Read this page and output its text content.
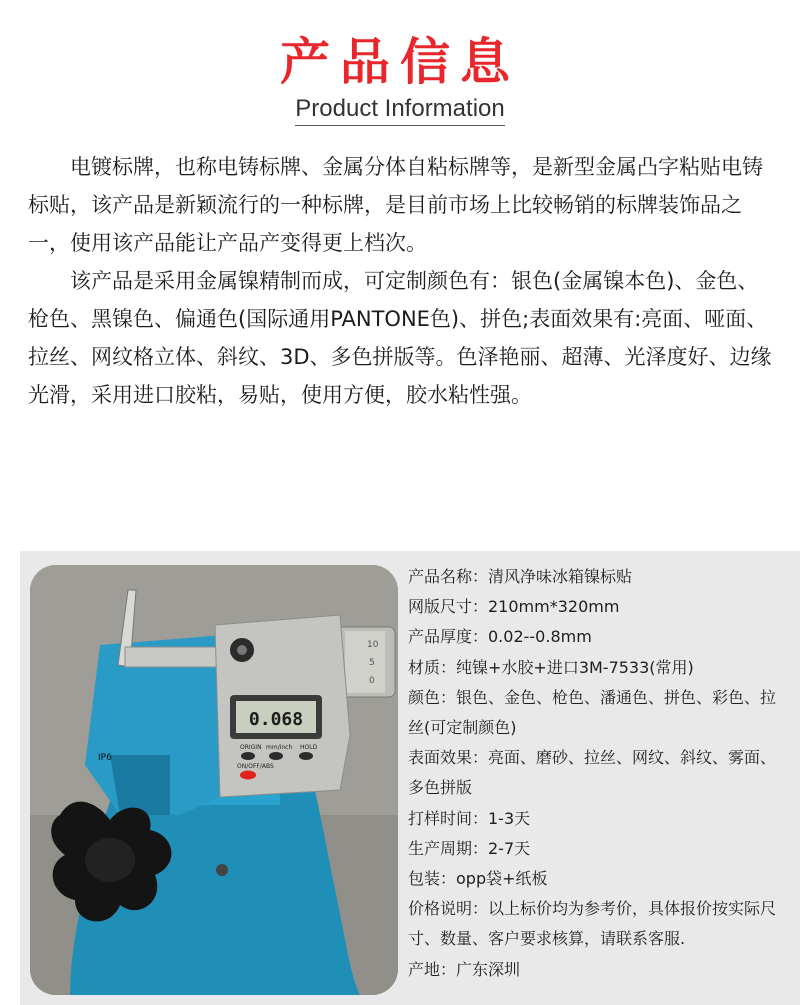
产品信息
Product Information

电镀标牌，也称电铸标牌、金属分体自粘标牌等，是新型金属凸字粘贴电铸标贴，该产品是新颖流行的一种标牌，是目前市场上比较畅销的标牌装饰品之一，使用该产品能让产品产变得更上档次。

该产品是采用金属镍精制而成，可定制颜色有：银色(金属镍本色)、金色、枪色、黑镍色、偏通色(国际通用PANTONE色)、拼色;表面效果有:亮面、哑面、拉丝、网纹格立体、斜纹、3D、多色拼版等。色泽艳丽、超薄、光泽度好、边缘光滑，采用进口胶粘，易贴，使用方便，胶水粘性强。

10
5
0
0.068
ORIGIN mm/inch HOLD
ON/OFF/ABS
IP6

产品名称：清风净味冰箱镍标贴

网版尺寸：210mm*320mm

产品厚度：0.02--0.8mm

材质：纯镍+水胶+进口3M-7533(常用)

颜色：银色、金色、枪色、潘通色、拼色、彩色、拉丝(可定制颜色)

表面效果：亮面、磨砂、拉丝、网纹、斜纹、雾面、多色拼版

打样时间：1-3天

生产周期：2-7天

包装：opp袋+纸板

价格说明：以上标价均为参考价，具体报价按实际尺寸、数量、客户要求核算，请联系客服.

产地：广东深圳
